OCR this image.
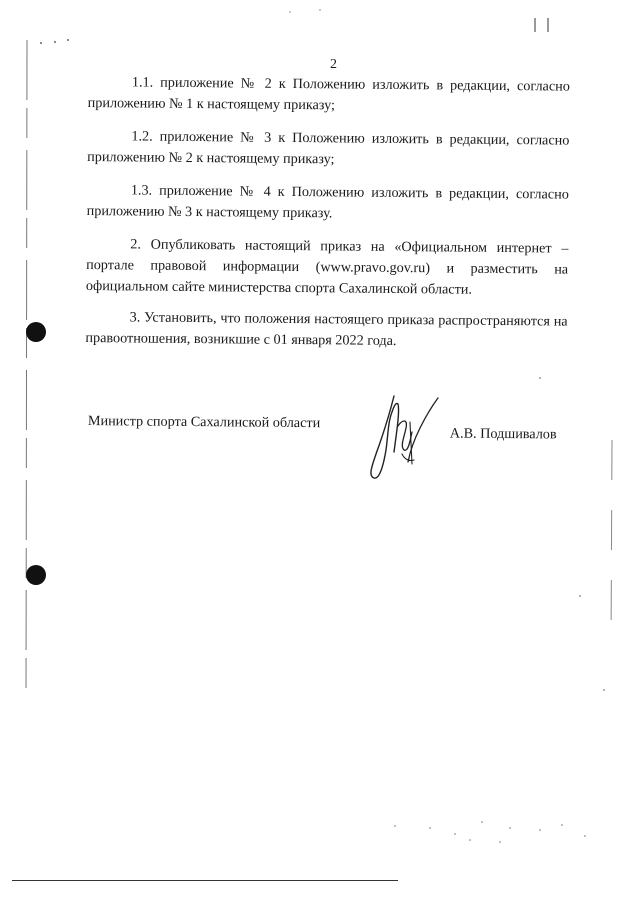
2

1.1. приложение № 2 к Положению изложить в редакции, согласно приложению № 1 к настоящему приказу;

1.2. приложение № 3 к Положению изложить в редакции, согласно приложению № 2 к настоящему приказу;

1.3. приложение № 4 к Положению изложить в редакции, согласно приложению № 3 к настоящему приказу.

2. Опубликовать настоящий приказ на «Официальном интернет – портале правовой информации (www.pravo.gov.ru) и разместить на официальном сайте министерства спорта Сахалинской области.

3. Установить, что положения настоящего приказа распространяются на правоотношения, возникшие с 01 января 2022 года.

Министр спорта Сахалинской области
А.В. Подшивалов
